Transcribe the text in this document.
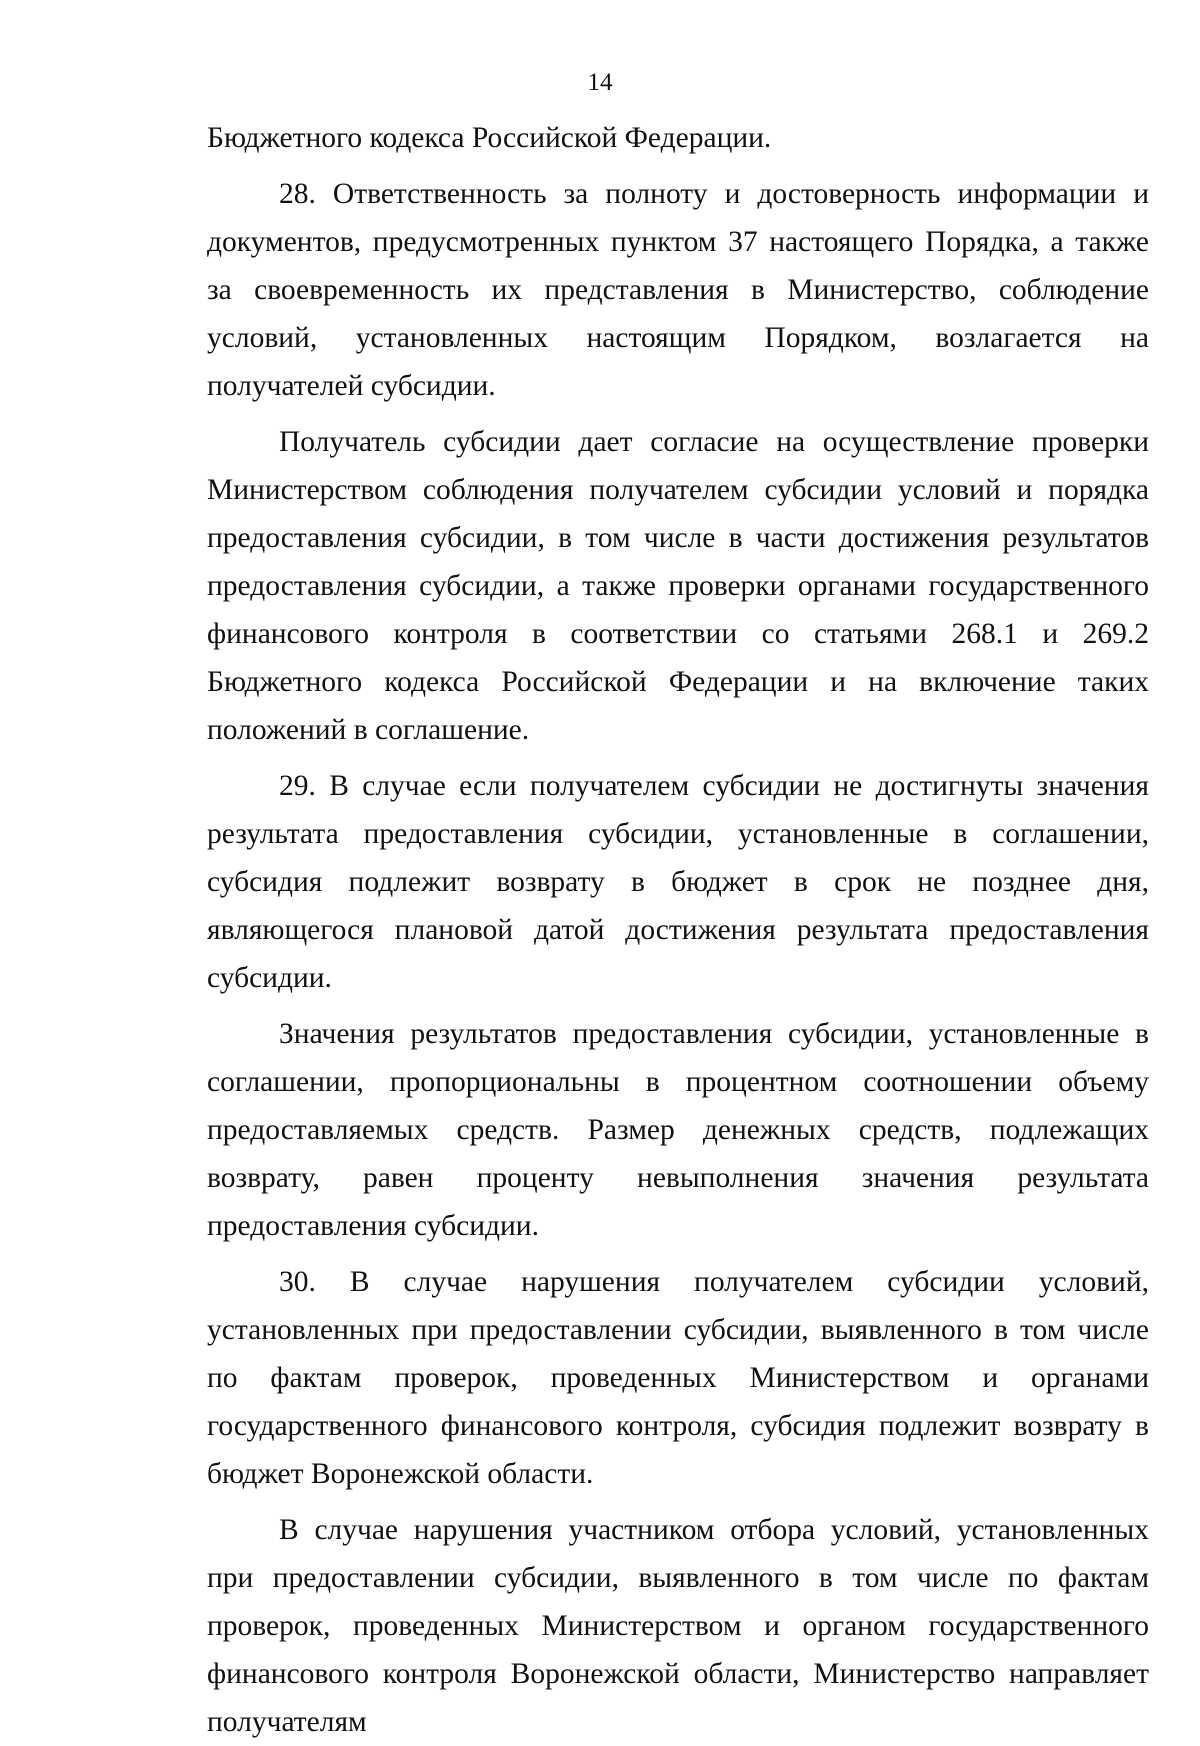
14

Бюджетного кодекса Российской Федерации.

28. Ответственность за полноту и достоверность информации и документов, предусмотренных пунктом 37 настоящего Порядка, а также за своевременность их представления в Министерство, соблюдение условий, установленных настоящим Порядком, возлагается на получателей субсидии.

Получатель субсидии дает согласие на осуществление проверки Министерством соблюдения получателем субсидии условий и порядка предоставления субсидии, в том числе в части достижения результатов предоставления субсидии, а также проверки органами государственного финансового контроля в соответствии со статьями 268.1 и 269.2 Бюджетного кодекса Российской Федерации и на включение таких положений в соглашение.

29. В случае если получателем субсидии не достигнуты значения результата предоставления субсидии, установленные в соглашении, субсидия подлежит возврату в бюджет в срок не позднее дня, являющегося плановой датой достижения результата предоставления субсидии.

Значения результатов предоставления субсидии, установленные в соглашении, пропорциональны в процентном соотношении объему предоставляемых средств. Размер денежных средств, подлежащих возврату, равен проценту невыполнения значения результата предоставления субсидии.

30. В случае нарушения получателем субсидии условий, установленных при предоставлении субсидии, выявленного в том числе по фактам проверок, проведенных Министерством и органами государственного финансового контроля, субсидия подлежит возврату в бюджет Воронежской области.

В случае нарушения участником отбора условий, установленных при предоставлении субсидии, выявленного в том числе по фактам проверок, проведенных Министерством и органом государственного финансового контроля Воронежской области, Министерство направляет получателям
